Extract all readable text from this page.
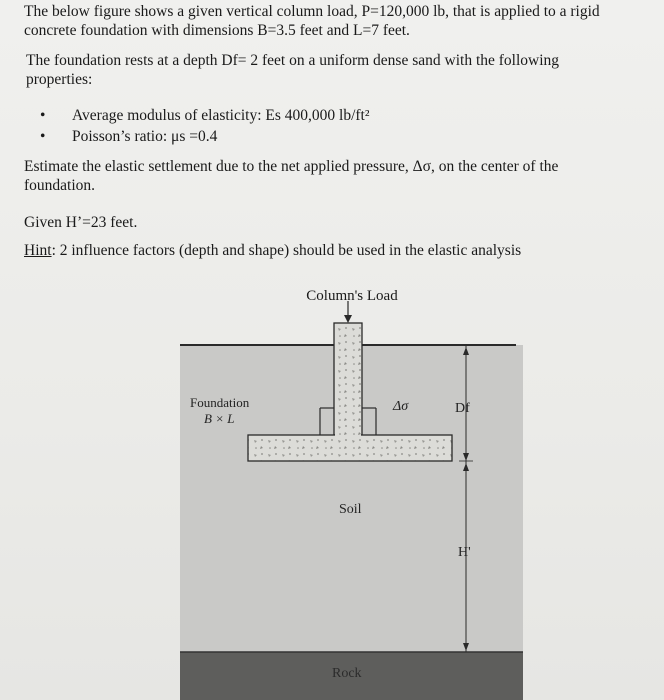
The below figure shows a given vertical column load, P=120,000 lb, that is applied to a rigid concrete foundation with dimensions B=3.5 feet and L=7 feet.
The foundation rests at a depth Df= 2 feet on a uniform dense sand with the following properties:
• Average modulus of elasticity: Es 400,000 lb/ft²
• Poisson’s ratio: μs =0.4
Estimate the elastic settlement due to the net applied pressure, Δσ, on the center of the foundation.
Given H’=23 feet.
Hint: 2 influence factors (depth and shape) should be used in the elastic analysis
Column's Load
Foundation
B × L
Δσ	Df
Soil
H'
Rock
